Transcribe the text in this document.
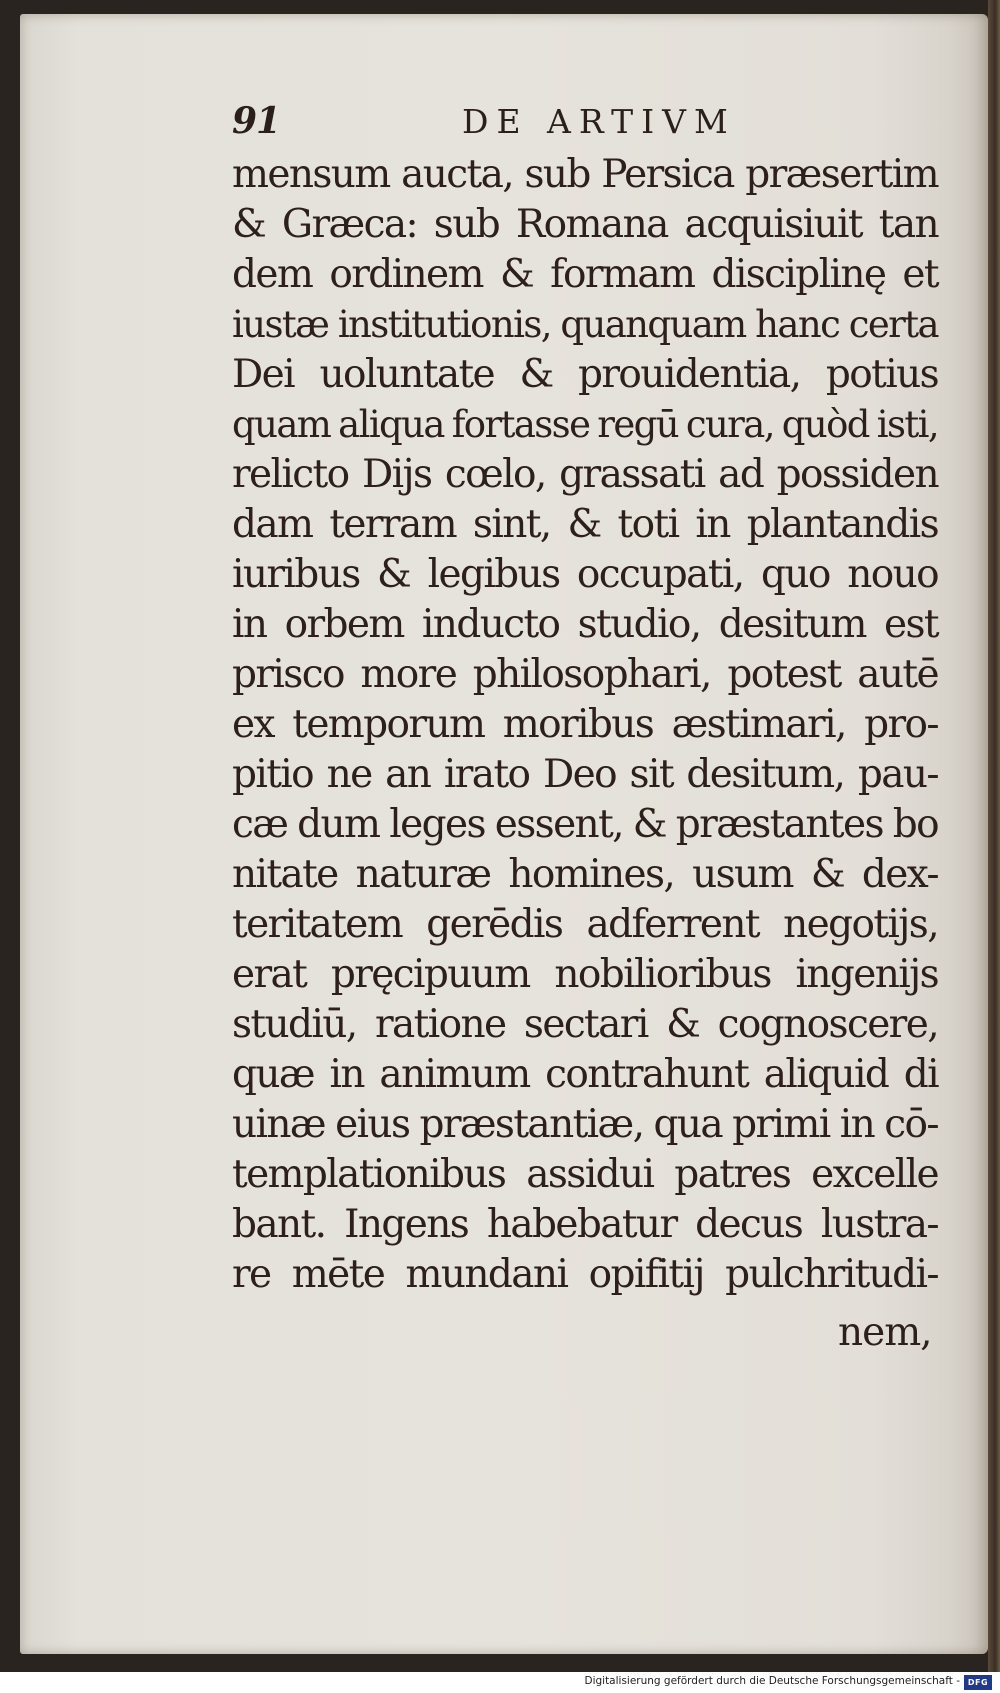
91	DE ARTIVM
mensum aucta, sub Persica præsertim
& Græca: sub Romana acquisiuit tan
dem ordinem & formam disciplinę et
iustæ institutionis, quanquam hanc certa
Dei uoluntate & prouidentia, potius
quam aliqua fortasse regū cura, quòd isti,
relicto Dijs cœlo, grassati ad possiden
dam terram sint, & toti in plantandis
iuribus & legibus occupati, quo nouo
in orbem inducto studio, desitum est
prisco more philosophari, potest autē
ex temporum moribus æstimari, pro-
pitio ne an irato Deo sit desitum, pau-
cæ dum leges essent, & præstantes bo
nitate naturæ homines, usum & dex-
teritatem gerēdis adferrent negotijs,
erat pręcipuum nobilioribus ingenijs
studiū, ratione sectari & cognoscere,
quæ in animum contrahunt aliquid di
uinæ eius præstantiæ, qua primi in cō-
templationibus assidui patres excelle
bant. Ingens habebatur decus lustra-
re mēte mundani opifitij pulchritudi-
nem,
Digitalisierung gefördert durch die Deutsche Forschungsgemeinschaft - DFG
